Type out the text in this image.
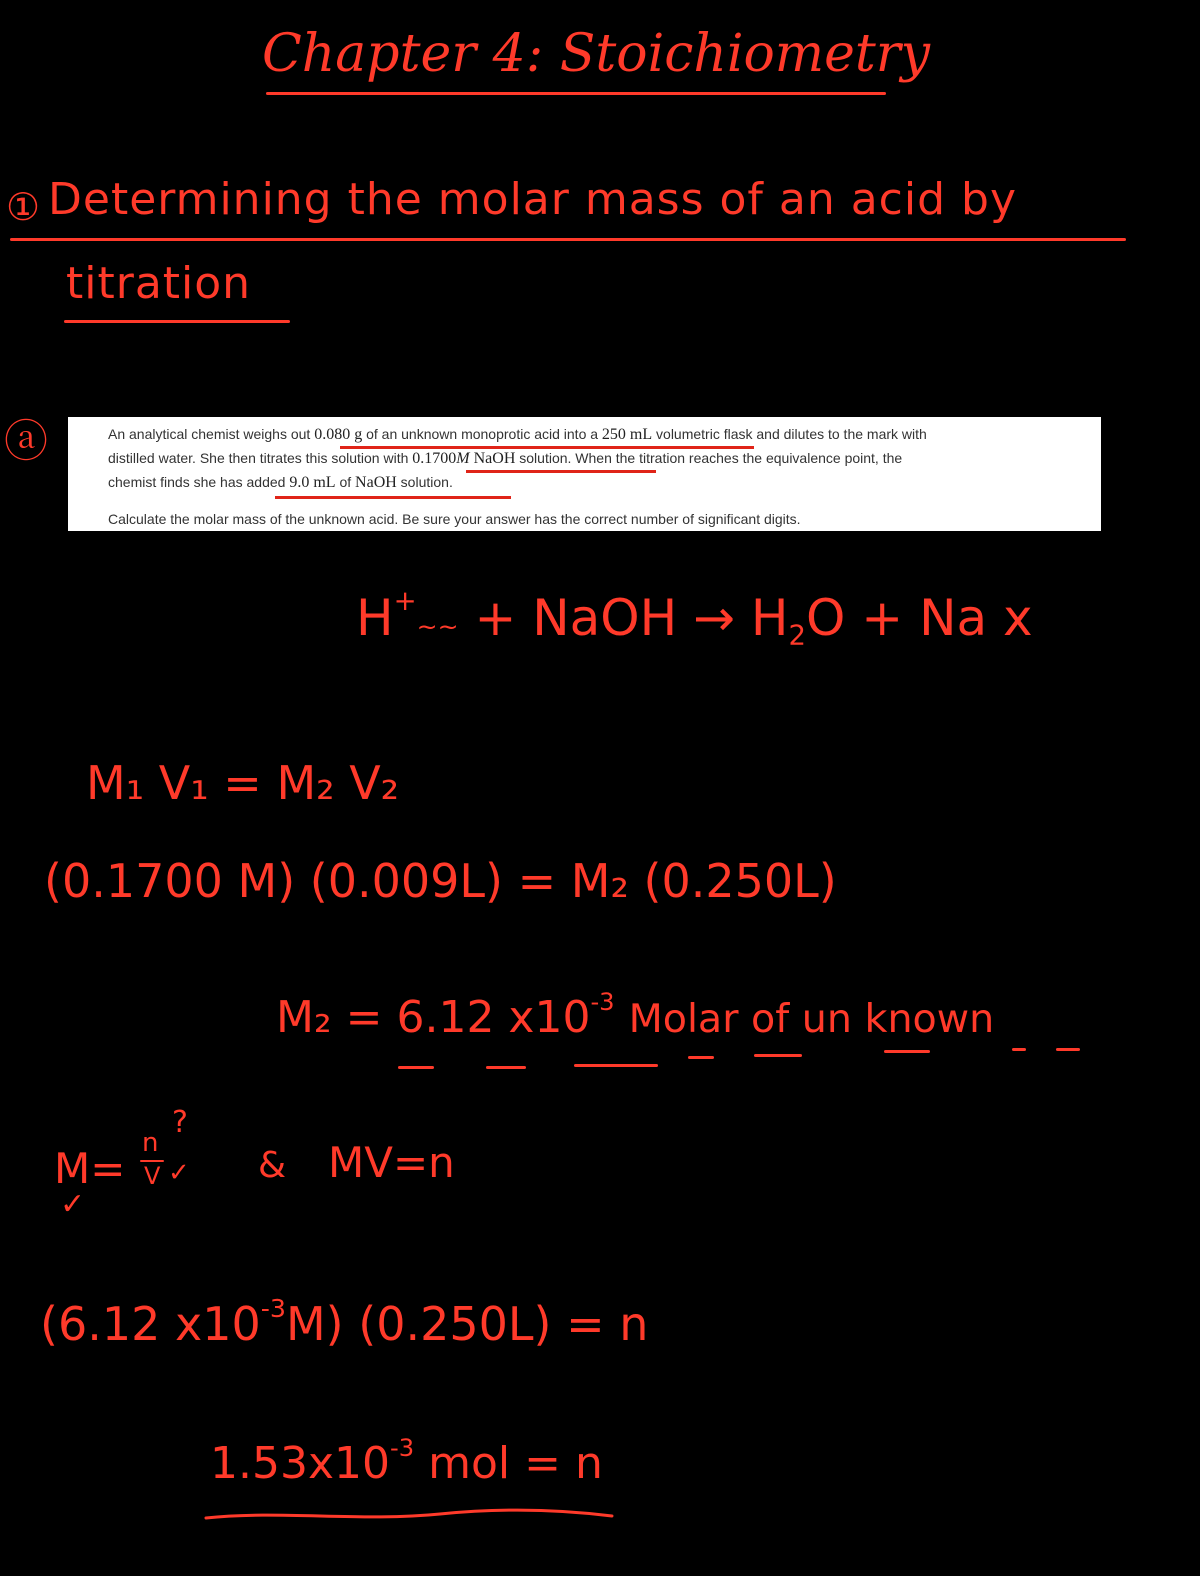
Chapter 4: Stoichiometry
① Determining the molar mass of an acid by
titration
ⓐ	An analytical chemist weighs out 0.080 g of an unknown monoprotic acid into a 250 mL volumetric flask and dilutes to the mark with

distilled water. She then titrates this solution with 0.1700M NaOH solution. When the titration reaches the equivalence point, the

chemist finds she has added 9.0 mL of NaOH solution.

Calculate the molar mass of the unknown acid. Be sure your answer has the correct number of significant digits.

H+~~ + NaOH → $H_2O + Na$ x
M₁ V₁ = M₂ V₂
(0.1700 M) (0.009L) = M₂ (0.250L)
M₂ = 6.12 $x10^{-3}$ Molar of un known
M=
n
V
?
✓
✓
& MV=n
(6.12 $x10^{-3}M$) (0.250L) = n
$1.53x10^{-3}$ mol = n
